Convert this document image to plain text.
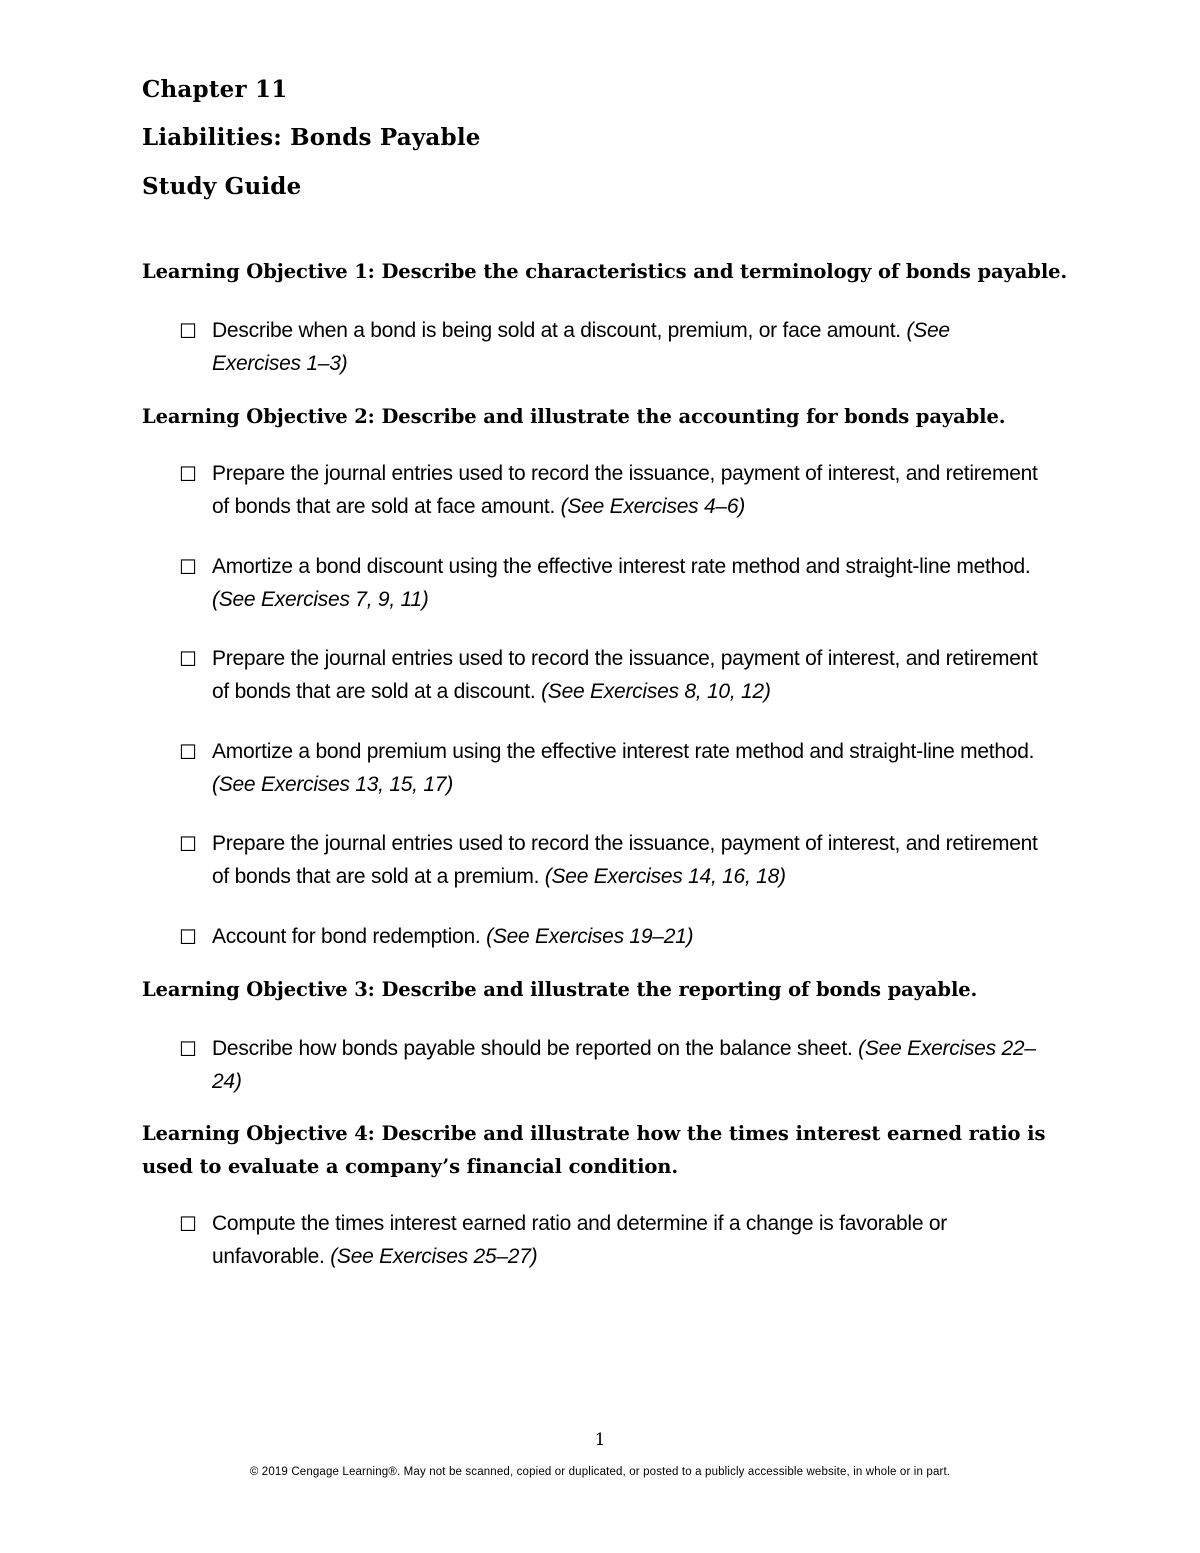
Chapter 11
Liabilities: Bonds Payable
Study Guide
Learning Objective 1: Describe the characteristics and terminology of bonds payable.
☐ Describe when a bond is being sold at a discount, premium, or face amount. (See Exercises 1–3)
Learning Objective 2: Describe and illustrate the accounting for bonds payable.
☐ Prepare the journal entries used to record the issuance, payment of interest, and retirement of bonds that are sold at face amount. (See Exercises 4–6)
☐ Amortize a bond discount using the effective interest rate method and straight-line method. (See Exercises 7, 9, 11)
☐ Prepare the journal entries used to record the issuance, payment of interest, and retirement of bonds that are sold at a discount. (See Exercises 8, 10, 12)
☐ Amortize a bond premium using the effective interest rate method and straight-line method. (See Exercises 13, 15, 17)
☐ Prepare the journal entries used to record the issuance, payment of interest, and retirement of bonds that are sold at a premium. (See Exercises 14, 16, 18)
☐ Account for bond redemption. (See Exercises 19–21)
Learning Objective 3: Describe and illustrate the reporting of bonds payable.
☐ Describe how bonds payable should be reported on the balance sheet. (See Exercises 22–24)
Learning Objective 4: Describe and illustrate how the times interest earned ratio is used to evaluate a company’s financial condition.
☐ Compute the times interest earned ratio and determine if a change is favorable or unfavorable. (See Exercises 25–27)
1
© 2019 Cengage Learning®. May not be scanned, copied or duplicated, or posted to a publicly accessible website, in whole or in part.
